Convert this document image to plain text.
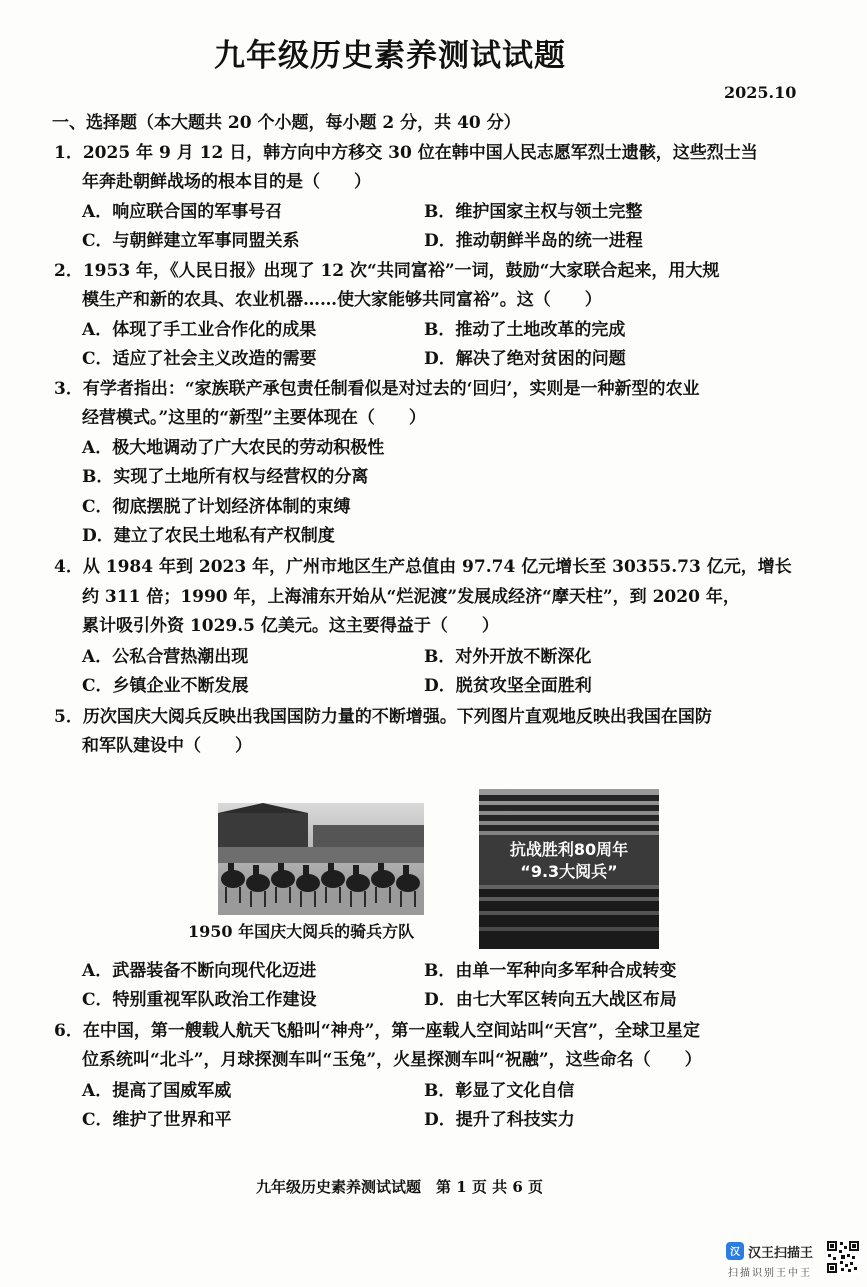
九年级历史素养测试试题
2025.10
一、选择题（本大题共 20 个小题，每小题 2 分，共 40 分）
1．2025 年 9 月 12 日，韩方向中方移交 30 位在韩中国人民志愿军烈士遗骸，这些烈士当
年奔赴朝鲜战场的根本目的是（　　）
A．响应联合国的军事号召	B．维护国家主权与领土完整
C．与朝鲜建立军事同盟关系	D．推动朝鲜半岛的统一进程
2．1953 年，《人民日报》出现了 12 次“共同富裕”一词，鼓励“大家联合起来，用大规
模生产和新的农具、农业机器……使大家能够共同富裕”。这（　　）
A．体现了手工业合作化的成果	B．推动了土地改革的完成
C．适应了社会主义改造的需要	D．解决了绝对贫困的问题
3．有学者指出：“家族联产承包责任制看似是对过去的‘回归’，实则是一种新型的农业
经营模式。”这里的“新型”主要体现在（　　）
A．极大地调动了广大农民的劳动积极性
B．实现了土地所有权与经营权的分离
C．彻底摆脱了计划经济体制的束缚
D．建立了农民土地私有产权制度
4．从 1984 年到 2023 年，广州市地区生产总值由 97.74 亿元增长至 30355.73 亿元，增长
约 311 倍；1990 年，上海浦东开始从“烂泥渡”发展成经济“摩天柱”，到 2020 年，
累计吸引外资 1029.5 亿美元。这主要得益于（　　）
A．公私合营热潮出现	B．对外开放不断深化
C．乡镇企业不断发展	D．脱贫攻坚全面胜利
5．历次国庆大阅兵反映出我国国防力量的不断增强。下列图片直观地反映出我国在国防
和军队建设中（　　）
1950 年国庆大阅兵的骑兵方队
抗战胜利80周年
“9.3大阅兵”
A．武器装备不断向现代化迈进	B．由单一军种向多军种合成转变
C．特别重视军队政治工作建设	D．由七大军区转向五大战区布局
6．在中国，第一艘载人航天飞船叫“神舟”，第一座载人空间站叫“天宫”，全球卫星定
位系统叫“北斗”，月球探测车叫“玉兔”，火星探测车叫“祝融”，这些命名（　　）
A．提高了国威军威	B．彰显了文化自信
C．维护了世界和平	D．提升了科技实力
九年级历史素养测试试题　第 1 页 共 6 页
汉 汉王扫描王
扫描识别王中王
